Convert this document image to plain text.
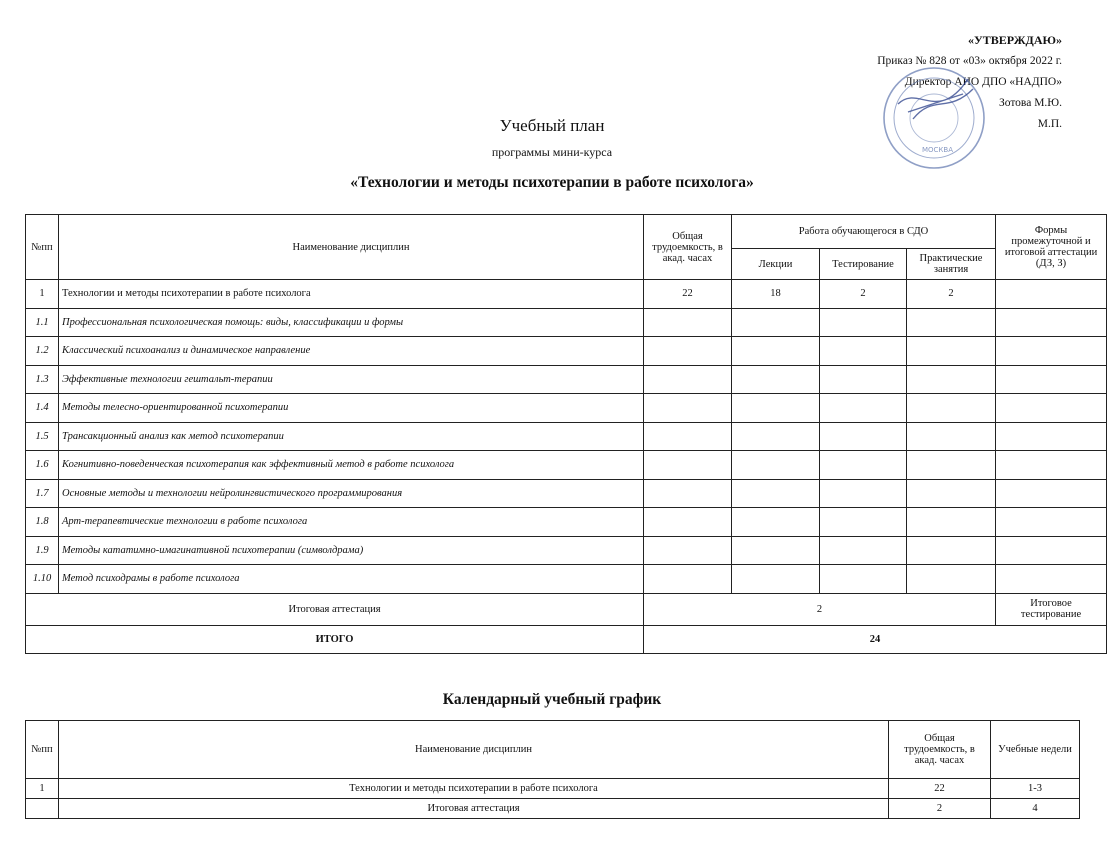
«УТВЕРЖДАЮ»
Приказ № 828 от «03» октября 2022 г.
Директор АНО ДПО «НАДПО»
Зотова М.Ю.
М.П.
МОСКВА
Учебный план
программы мини-курса
«Технологии и методы психотерапии в работе психолога»
№пп	Наименование дисциплин	Общая трудоемкость, в акад. часах	Работа обучающегося в СДО			Формы промежуточной и итоговой аттестации (ДЗ, З)
			Лекции	Тестирование	Практические занятия	
1	Технологии и методы психотерапии в работе психолога	22	18	2	2	
1.1	Профессиональная психологическая помощь: виды, классификации и формы					
1.2	Классический психоанализ и динамическое направление					
1.3	Эффективные технологии гештальт-терапии					
1.4	Методы телесно-ориентированной психотерапии					
1.5	Трансакционный анализ как метод психотерапии					
1.6	Когнитивно-поведенческая психотерапия как эффективный метод в работе психолога					
1.7	Основные методы и технологии нейролингвистического программирования					
1.8	Арт-терапевтические технологии в работе психолога					
1.9	Методы кататимно-имагинативной психотерапии (символдрама)					
1.10	Метод психодрамы в работе психолога					
Итоговая аттестация		2				Итоговое тестирование
ИТОГО		24				
Календарный учебный график
№пп	Наименование дисциплин	Общая трудоемкость, в акад. часах	Учебные недели
1	Технологии и методы психотерапии в работе психолога	22	1-3
	Итоговая аттестация	2	4
